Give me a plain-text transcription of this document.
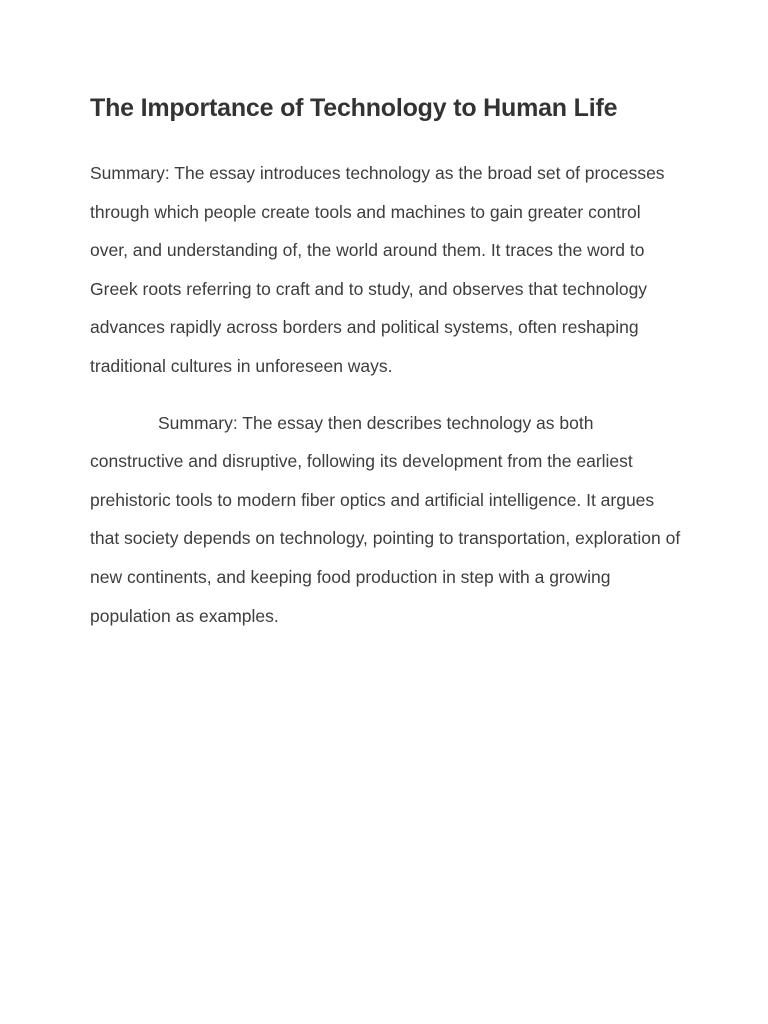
The Importance of Technology to Human Life

Summary: The essay introduces technology as the broad set of processes through which people create tools and machines to gain greater control over, and understanding of, the world around them. It traces the word to Greek roots referring to craft and to study, and observes that technology advances rapidly across borders and political systems, often reshaping traditional cultures in unforeseen ways.

Summary: The essay then describes technology as both constructive and disruptive, following its development from the earliest prehistoric tools to modern fiber optics and artificial intelligence. It argues that society depends on technology, pointing to transportation, exploration of new continents, and keeping food production in step with a growing population as examples.
